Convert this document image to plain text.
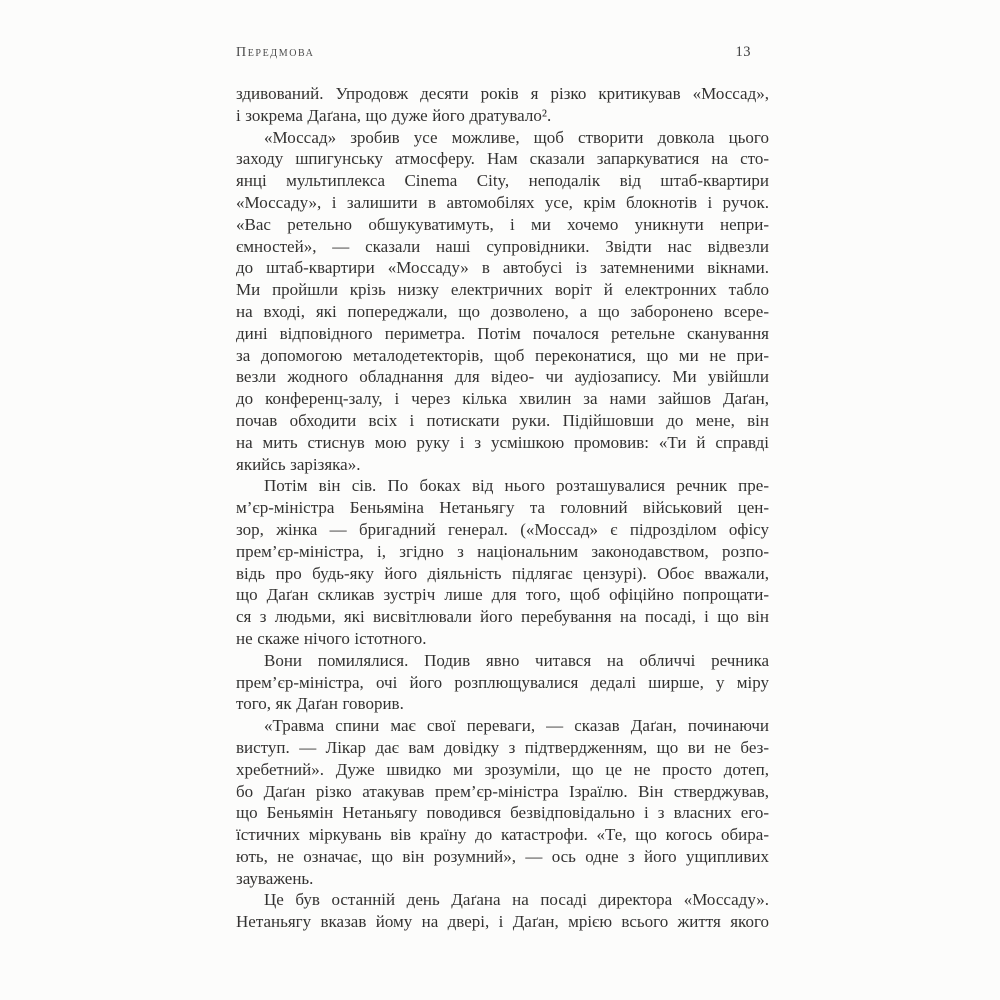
Передмова	13
здивований. Упродовж десяти років я різко критикував «Моссад»,
і зокрема Даґана, що дуже його дратувало².
«Моссад» зробив усе можливе, щоб створити довкола цього
заходу шпигунську атмосферу. Нам сказали запаркуватися на сто-
янці мультиплекса Cinema City, неподалік від штаб-квартири
«Моссаду», і залишити в автомобілях усе, крім блокнотів і ручок.
«Вас ретельно обшукуватимуть, і ми хочемо уникнути непри-
ємностей», — сказали наші супровідники. Звідти нас відвезли
до штаб-квартири «Моссаду» в автобусі із затемненими вікнами.
Ми пройшли крізь низку електричних воріт й електронних табло
на вході, які попереджали, що дозволено, а що заборонено всере-
дині відповідного периметра. Потім почалося ретельне сканування
за допомогою металодетекторів, щоб переконатися, що ми не при-
везли жодного обладнання для відео- чи аудіозапису. Ми увійшли
до конференц-залу, і через кілька хвилин за нами зайшов Даґан,
почав обходити всіх і потискати руки. Підійшовши до мене, він
на мить стиснув мою руку і з усмішкою промовив: «Ти й справді
якийсь зарізяка».
Потім він сів. По боках від нього розташувалися речник пре-
м’єр-міністра Беньяміна Нетаньягу та головний військовий цен-
зор, жінка — бригадний генерал. («Моссад» є підрозділом офісу
прем’єр-міністра, і, згідно з національним законодавством, розпо-
відь про будь-яку його діяльність підлягає цензурі). Обоє вважали,
що Даґан скликав зустріч лише для того, щоб офіційно попрощати-
ся з людьми, які висвітлювали його перебування на посаді, і що він
не скаже нічого істотного.
Вони помилялися. Подив явно читався на обличчі речника
прем’єр-міністра, очі його розплющувалися дедалі ширше, у міру
того, як Даґан говорив.
«Травма спини має свої переваги, — сказав Даґан, починаючи
виступ. — Лікар дає вам довідку з підтвердженням, що ви не без-
хребетний». Дуже швидко ми зрозуміли, що це не просто дотеп,
бо Даґан різко атакував прем’єр-міністра Ізраїлю. Він стверджував,
що Беньямін Нетаньягу поводився безвідповідально і з власних его-
їстичних міркувань вів країну до катастрофи. «Те, що когось обира-
ють, не означає, що він розумний», — ось одне з його ущипливих
зауважень.
Це був останній день Даґана на посаді директора «Моссаду».
Нетаньягу вказав йому на двері, і Даґан, мрією всього життя якого
